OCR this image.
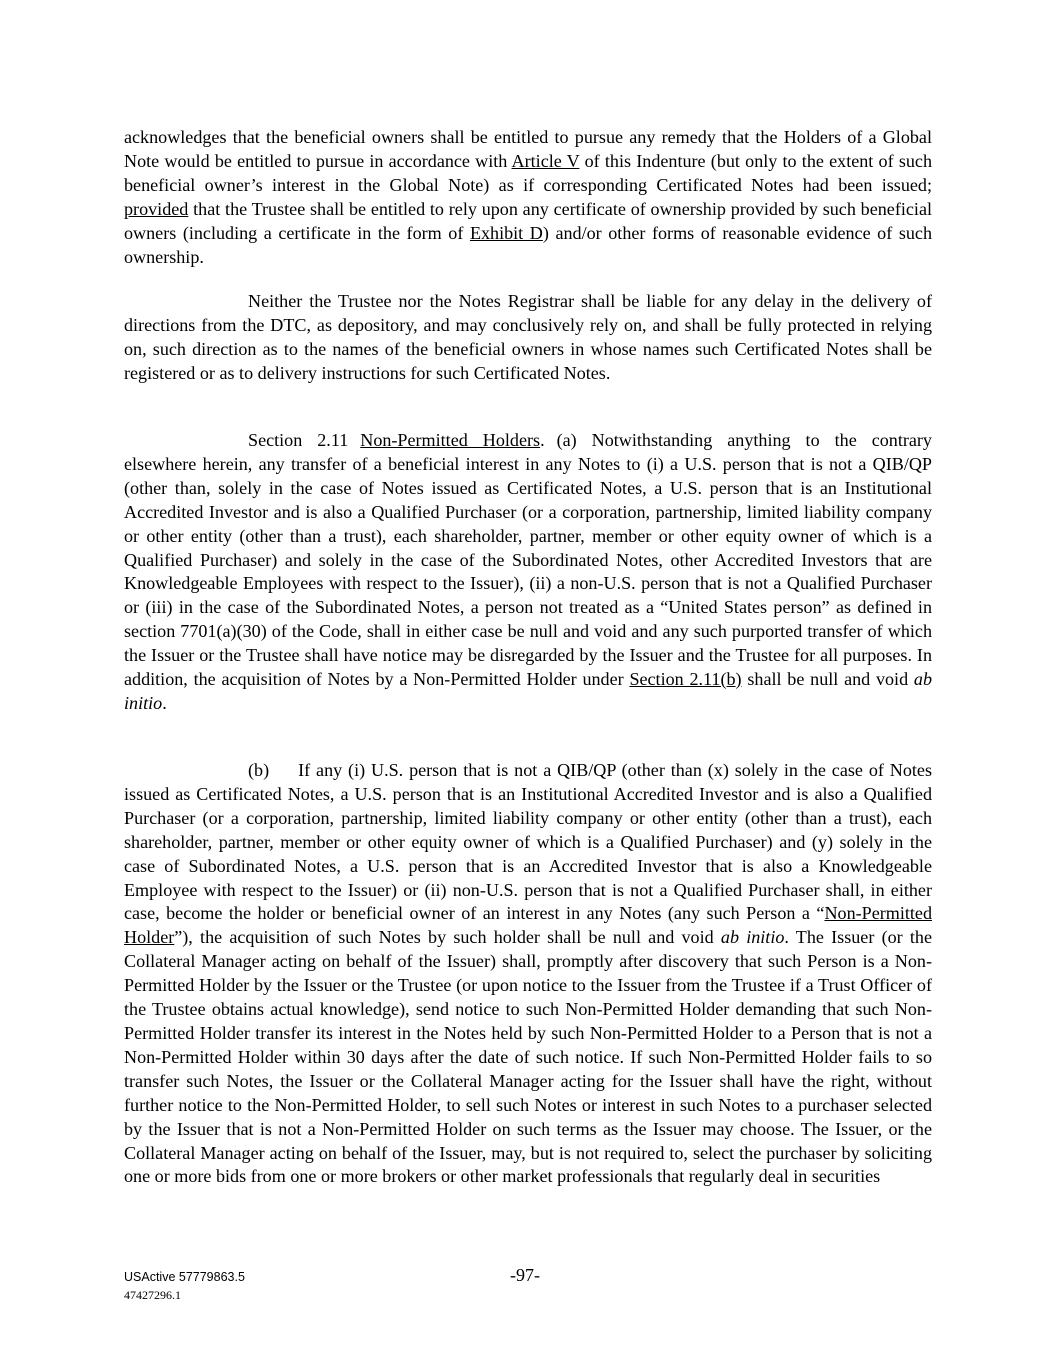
acknowledges that the beneficial owners shall be entitled to pursue any remedy that the Holders of a Global Note would be entitled to pursue in accordance with Article V of this Indenture (but only to the extent of such beneficial owner’s interest in the Global Note) as if corresponding Certificated Notes had been issued; provided that the Trustee shall be entitled to rely upon any certificate of ownership provided by such beneficial owners (including a certificate in the form of Exhibit D) and/or other forms of reasonable evidence of such ownership.

Neither the Trustee nor the Notes Registrar shall be liable for any delay in the delivery of directions from the DTC, as depository, and may conclusively rely on, and shall be fully protected in relying on, such direction as to the names of the beneficial owners in whose names such Certificated Notes shall be registered or as to delivery instructions for such Certificated Notes.

Section 2.11 Non-Permitted Holders. (a) Notwithstanding anything to the contrary elsewhere herein, any transfer of a beneficial interest in any Notes to (i) a U.S. person that is not a QIB/QP (other than, solely in the case of Notes issued as Certificated Notes, a U.S. person that is an Institutional Accredited Investor and is also a Qualified Purchaser (or a corporation, partnership, limited liability company or other entity (other than a trust), each shareholder, partner, member or other equity owner of which is a Qualified Purchaser) and solely in the case of the Subordinated Notes, other Accredited Investors that are Knowledgeable Employees with respect to the Issuer), (ii) a non-U.S. person that is not a Qualified Purchaser or (iii) in the case of the Subordinated Notes, a person not treated as a “United States person” as defined in section 7701(a)(30) of the Code, shall in either case be null and void and any such purported transfer of which the Issuer or the Trustee shall have notice may be disregarded by the Issuer and the Trustee for all purposes. In addition, the acquisition of Notes by a Non-Permitted Holder under Section 2.11(b) shall be null and void ab initio.

(b) If any (i) U.S. person that is not a QIB/QP (other than (x) solely in the case of Notes issued as Certificated Notes, a U.S. person that is an Institutional Accredited Investor and is also a Qualified Purchaser (or a corporation, partnership, limited liability company or other entity (other than a trust), each shareholder, partner, member or other equity owner of which is a Qualified Purchaser) and (y) solely in the case of Subordinated Notes, a U.S. person that is an Accredited Investor that is also a Knowledgeable Employee with respect to the Issuer) or (ii) non-U.S. person that is not a Qualified Purchaser shall, in either case, become the holder or beneficial owner of an interest in any Notes (any such Person a “Non-Permitted Holder”), the acquisition of such Notes by such holder shall be null and void ab initio. The Issuer (or the Collateral Manager acting on behalf of the Issuer) shall, promptly after discovery that such Person is a Non-Permitted Holder by the Issuer or the Trustee (or upon notice to the Issuer from the Trustee if a Trust Officer of the Trustee obtains actual knowledge), send notice to such Non-Permitted Holder demanding that such Non-Permitted Holder transfer its interest in the Notes held by such Non-Permitted Holder to a Person that is not a Non-Permitted Holder within 30 days after the date of such notice. If such Non-Permitted Holder fails to so transfer such Notes, the Issuer or the Collateral Manager acting for the Issuer shall have the right, without further notice to the Non-Permitted Holder, to sell such Notes or interest in such Notes to a purchaser selected by the Issuer that is not a Non-Permitted Holder on such terms as the Issuer may choose. The Issuer, or the Collateral Manager acting on behalf of the Issuer, may, but is not required to, select the purchaser by soliciting one or more bids from one or more brokers or other market professionals that regularly deal in securities

USActive 57779863.5	-97-
47427296.1
